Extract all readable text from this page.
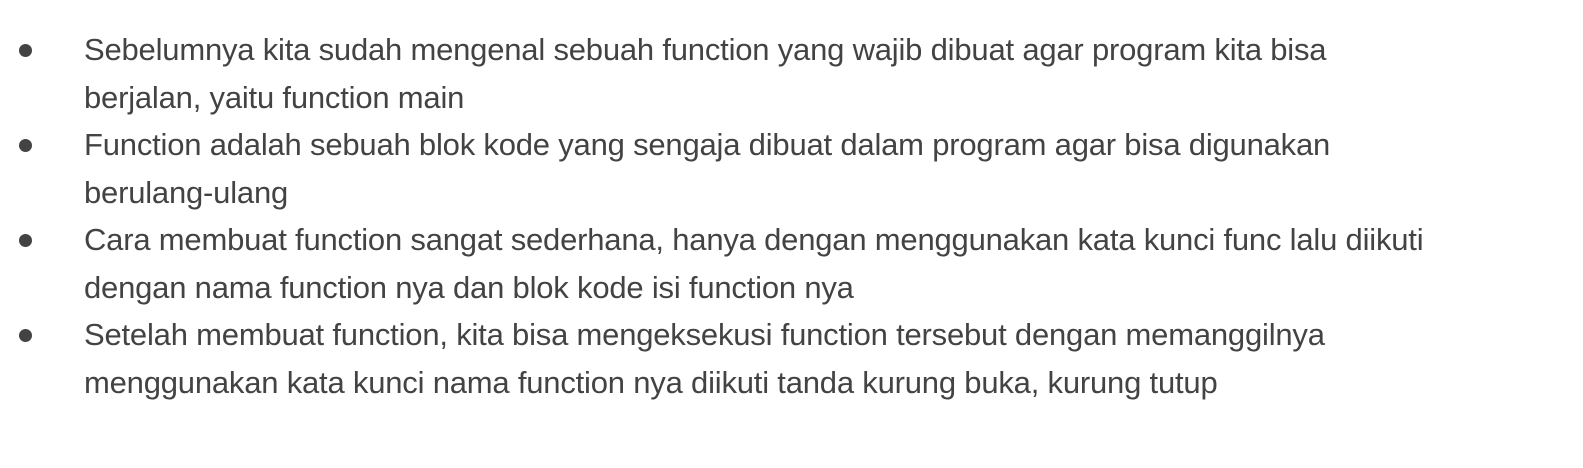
Sebelumnya kita sudah mengenal sebuah function yang wajib dibuat agar program kita bisa
berjalan, yaitu function main
Function adalah sebuah blok kode yang sengaja dibuat dalam program agar bisa digunakan
berulang-ulang
Cara membuat function sangat sederhana, hanya dengan menggunakan kata kunci func lalu diikuti
dengan nama function nya dan blok kode isi function nya
Setelah membuat function, kita bisa mengeksekusi function tersebut dengan memanggilnya
menggunakan kata kunci nama function nya diikuti tanda kurung buka, kurung tutup
